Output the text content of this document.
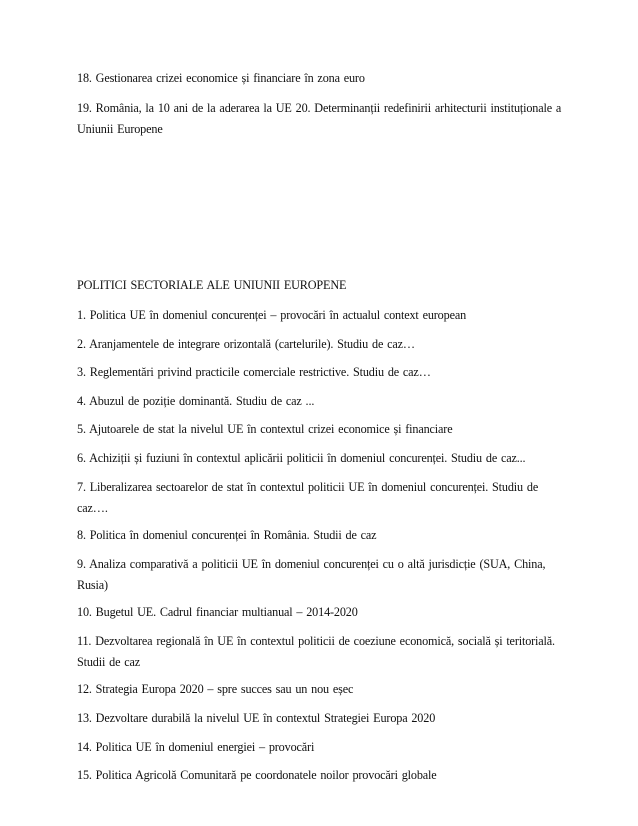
18. Gestionarea crizei economice și financiare în zona euro

19. România, la 10 ani de la aderarea la UE 20. Determinanții redefinirii arhitecturii instituționale a Uniunii Europene

POLITICI SECTORIALE ALE UNIUNII EUROPENE

1. Politica UE în domeniul concurenței – provocări în actualul context european

2. Aranjamentele de integrare orizontală (cartelurile). Studiu de caz…

3. Reglementări privind practicile comerciale restrictive. Studiu de caz…

4. Abuzul de poziție dominantă. Studiu de caz ...

5. Ajutoarele de stat la nivelul UE în contextul crizei economice și financiare

6. Achiziții și fuziuni în contextul aplicării politicii în domeniul concurenței. Studiu de caz...

7. Liberalizarea sectoarelor de stat în contextul politicii UE în domeniul concurenței. Studiu de caz….

8. Politica în domeniul concurenței în România. Studii de caz

9. Analiza comparativă a politicii UE în domeniul concurenței cu o altă jurisdicție (SUA, China, Rusia)

10. Bugetul UE. Cadrul financiar multianual – 2014-2020

11. Dezvoltarea regională în UE în contextul politicii de coeziune economică, socială și teritorială. Studii de caz

12. Strategia Europa 2020 – spre succes sau un nou eșec

13. Dezvoltare durabilă la nivelul UE în contextul Strategiei Europa 2020

14. Politica UE în domeniul energiei – provocări

15. Politica Agricolă Comunitară pe coordonatele noilor provocări globale
